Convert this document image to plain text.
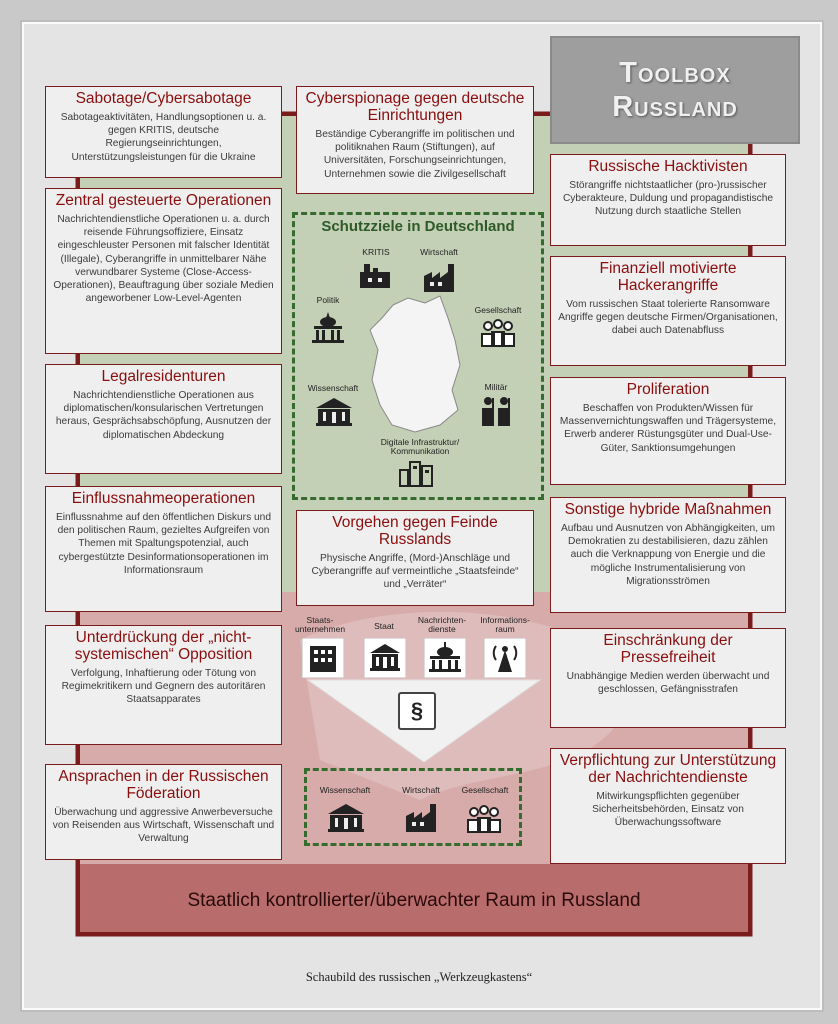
Toolbox Russland
Schutzziele in Deutschland
KRITIS	Wirtschaft
Politik
Gesellschaft
Wissenschaft	Militär
Digitale Infrastruktur/ Kommunikation
Sabotage/Cybersabotage

Sabotageaktivitäten, Handlungsoptionen u. a. gegen KRITIS, deutsche Regierungseinrichtungen, Unterstützungsleistungen für die Ukraine

Cyberspionage gegen deutsche Einrichtungen

Beständige Cyberangriffe im politischen und politiknahen Raum (Stiftungen), auf Universitäten, Forschungseinrichtungen, Unternehmen sowie die Zivilgesellschaft	Russische Hacktivisten

Störangriffe nichtstaatlicher (pro-)russischer Cyberakteure, Duldung und propagandistische Nutzung durch staatliche Stellen

Zentral gesteuerte Operationen

Nachrichtendienstliche Operationen u. a. durch reisende Führungsoffiziere, Einsatz eingeschleuster Personen mit falscher Identität (Illegale), Cyberangriffe in unmittelbarer Nähe verwundbarer Systeme (Close-Access-Operationen), Beauftragung über soziale Medien angeworbener Low-Level-Agenten

Finanziell motivierte Hackerangriffe

Vom russischen Staat tolerierte Ransomware Angriffe gegen deutsche Firmen/Organisationen, dabei auch Datenabfluss

Legalresidenturen

Nachrichtendienstliche Operationen aus diplomatischen/konsularischen Vertretungen heraus, Gesprächsabschöpfung, Ausnutzen der diplomatischen Abdeckung

Proliferation

Beschaffen von Produkten/Wissen für Massenvernichtungswaffen und Trägersysteme, Erwerb anderer Rüstungsgüter und Dual-Use-Güter, Sanktionsumgehungen

Einflussnahmeoperationen

Einflussnahme auf den öffentlichen Diskurs und den politischen Raum, gezieltes Aufgreifen von Themen mit Spaltungspotenzial, auch cybergestützte Desinformationsoperationen im Informationsraum

Vorgehen gegen Feinde Russlands

Physische Angriffe, (Mord-)Anschläge und Cyberangriffe auf vermeintliche „Staatsfeinde“ und „Verräter“

Sonstige hybride Maßnahmen

Aufbau und Ausnutzen von Abhängigkeiten, um Demokratien zu destabilisieren, dazu zählen auch die Verknappung von Energie und die mögliche Instrumentalisierung von Migrationsströmen

Unterdrückung der „nicht-systemischen“ Opposition

Verfolgung, Inhaftierung oder Tötung von Regimekritikern und Gegnern des autoritären Staatsapparates

Einschränkung der Pressefreiheit

Unabhängige Medien werden überwacht und geschlossen, Gefängnisstrafen

Ansprachen in der Russischen Föderation

Überwachung und aggressive Anwerbeversuche von Reisenden aus Wirtschaft, Wissenschaft und Verwaltung

Verpflichtung zur Unterstützung der Nachrichtendienste

Mitwirkungspflichten gegenüber Sicherheitsbehörden, Einsatz von Überwachungssoftware

Staats- unternehmen	Staat
Nachrichten- dienste
Informations- raum
§
Wissenschaft	Wirtschaft	Gesellschaft
Staatlich kontrollierter/überwachter Raum in Russland
Schaubild des russischen „Werkzeugkastens“
